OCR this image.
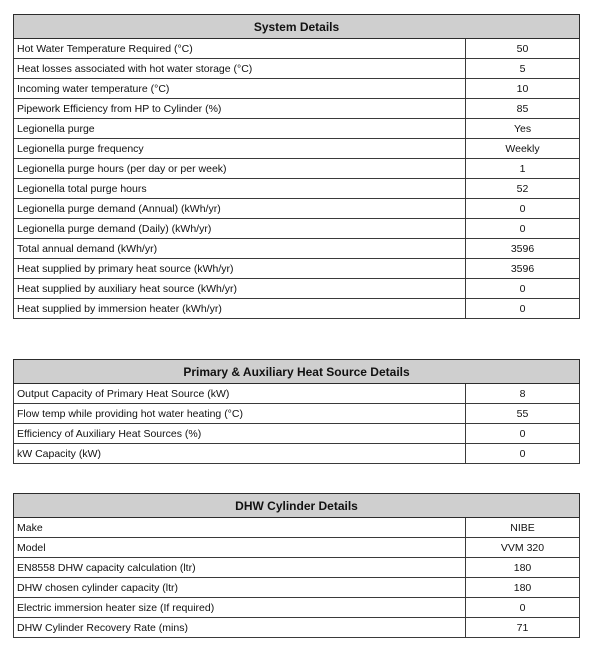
System Details	
Hot Water Temperature Required (°C)	50
Heat losses associated with hot water storage (°C)	5
Incoming water temperature (°C)	10
Pipework Efficiency from HP to Cylinder (%)	85
Legionella purge	Yes
Legionella purge frequency	Weekly
Legionella purge hours (per day or per week)	1
Legionella total purge hours	52
Legionella purge demand (Annual) (kWh/yr)	0
Legionella purge demand (Daily) (kWh/yr)	0
Total annual demand (kWh/yr)	3596
Heat supplied by primary heat source (kWh/yr)	3596
Heat supplied by auxiliary heat source (kWh/yr)	0
Heat supplied by immersion heater (kWh/yr)	0
Primary & Auxiliary Heat Source Details	
Output Capacity of Primary Heat Source (kW)	8
Flow temp while providing hot water heating (°C)	55
Efficiency of Auxiliary Heat Sources (%)	0
kW Capacity (kW)	0
DHW Cylinder Details	
Make	NIBE
Model	VVM 320
EN8558 DHW capacity calculation (ltr)	180
DHW chosen cylinder capacity (ltr)	180
Electric immersion heater size (If required)	0
DHW Cylinder Recovery Rate (mins)	71
